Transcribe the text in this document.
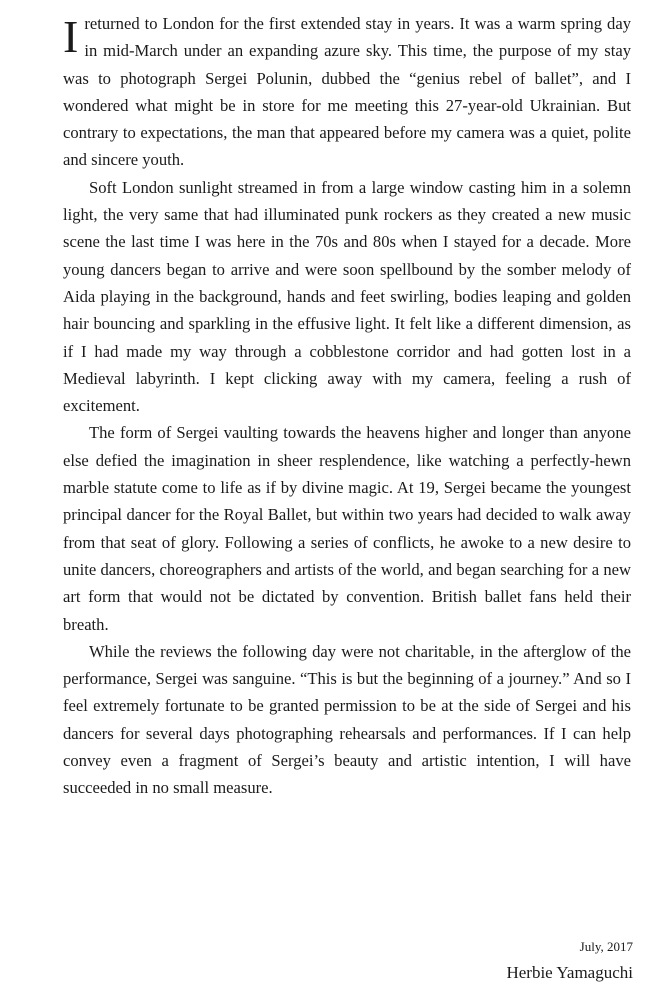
I returned to London for the first extended stay in years. It was a warm spring day in mid-March under an expanding azure sky. This time, the purpose of my stay was to photograph Sergei Polunin, dubbed the “genius rebel of ballet”, and I wondered what might be in store for me meeting this 27-year-old Ukrainian. But contrary to expectations, the man that appeared before my camera was a quiet, polite and sincere youth.

Soft London sunlight streamed in from a large window casting him in a solemn light, the very same that had illuminated punk rockers as they created a new music scene the last time I was here in the 70s and 80s when I stayed for a decade. More young dancers began to arrive and were soon spellbound by the somber melody of Aida playing in the background, hands and feet swirling, bodies leaping and golden hair bouncing and sparkling in the effusive light. It felt like a different dimension, as if I had made my way through a cobblestone corridor and had gotten lost in a Medieval labyrinth. I kept clicking away with my camera, feeling a rush of excitement.

The form of Sergei vaulting towards the heavens higher and longer than anyone else defied the imagination in sheer resplendence, like watching a perfectly-hewn marble statute come to life as if by divine magic. At 19, Sergei became the youngest principal dancer for the Royal Ballet, but within two years had decided to walk away from that seat of glory. Following a series of conflicts, he awoke to a new desire to unite dancers, choreographers and artists of the world, and began searching for a new art form that would not be dictated by convention. British ballet fans held their breath.

While the reviews the following day were not charitable, in the afterglow of the performance, Sergei was sanguine. “This is but the beginning of a journey.” And so I feel extremely fortunate to be granted permission to be at the side of Sergei and his dancers for several days photographing rehearsals and performances. If I can help convey even a fragment of Sergei’s beauty and artistic intention, I will have succeeded in no small measure.

July, 2017
Herbie Yamaguchi
